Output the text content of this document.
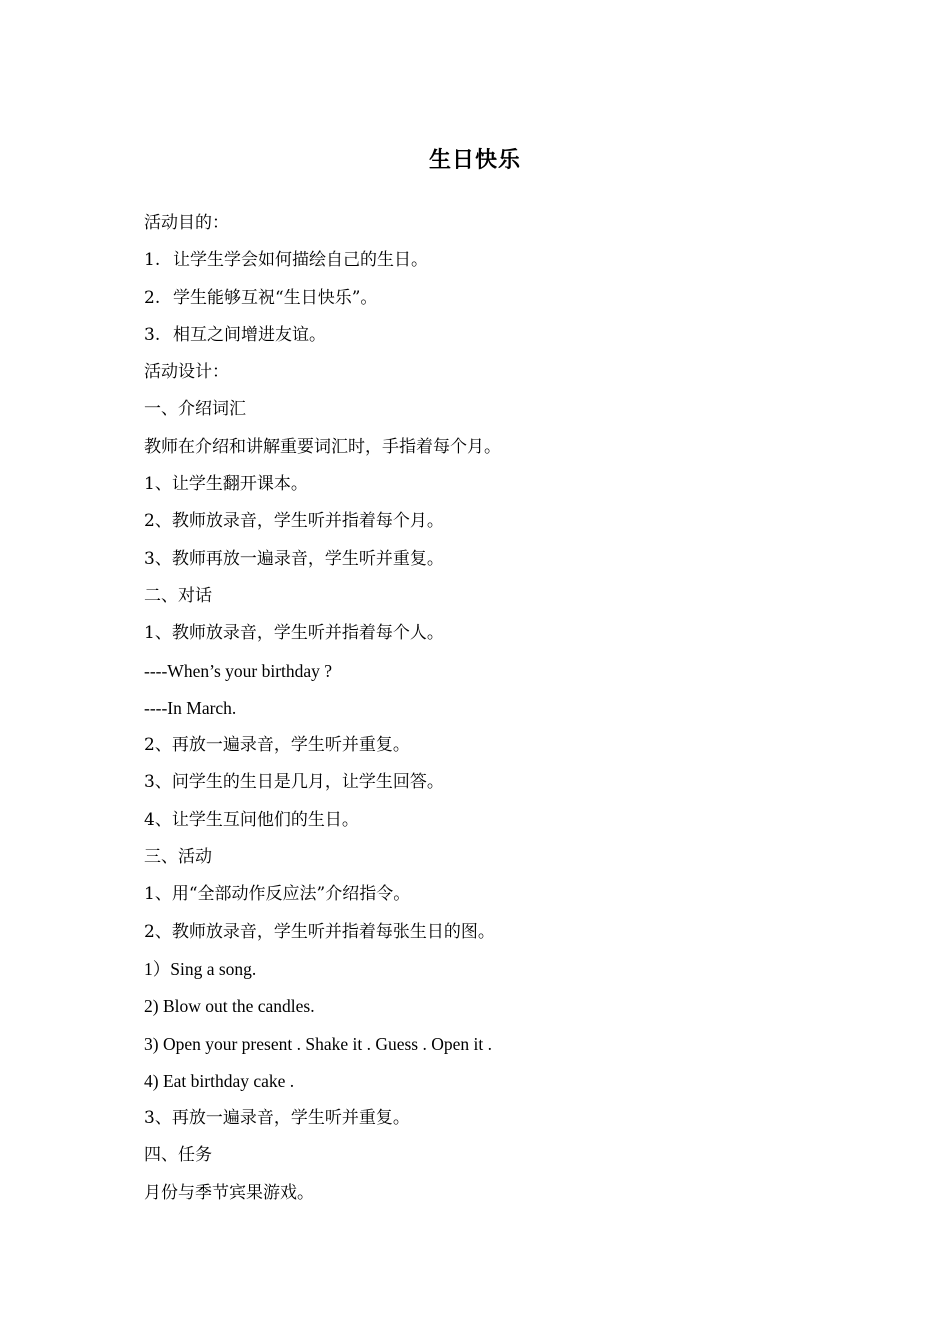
生日快乐
活动目的：
1. 让学生学会如何描绘自己的生日。
2. 学生能够互祝“生日快乐”。
3. 相互之间增进友谊。
活动设计：
一、介绍词汇
教师在介绍和讲解重要词汇时，手指着每个月。
1、让学生翻开课本。
2、教师放录音，学生听并指着每个月。
3、教师再放一遍录音，学生听并重复。
二、对话
1、教师放录音，学生听并指着每个人。
----When’s your birthday ?
----In March.
2、再放一遍录音，学生听并重复。
3、问学生的生日是几月，让学生回答。
4、让学生互问他们的生日。
三、活动
1、用“全部动作反应法”介绍指令。
2、教师放录音，学生听并指着每张生日的图。
1）Sing a song.
2) Blow out the candles.
3) Open your present . Shake it . Guess . Open it .
4) Eat birthday cake .
3、再放一遍录音，学生听并重复。
四、任务
月份与季节宾果游戏。
